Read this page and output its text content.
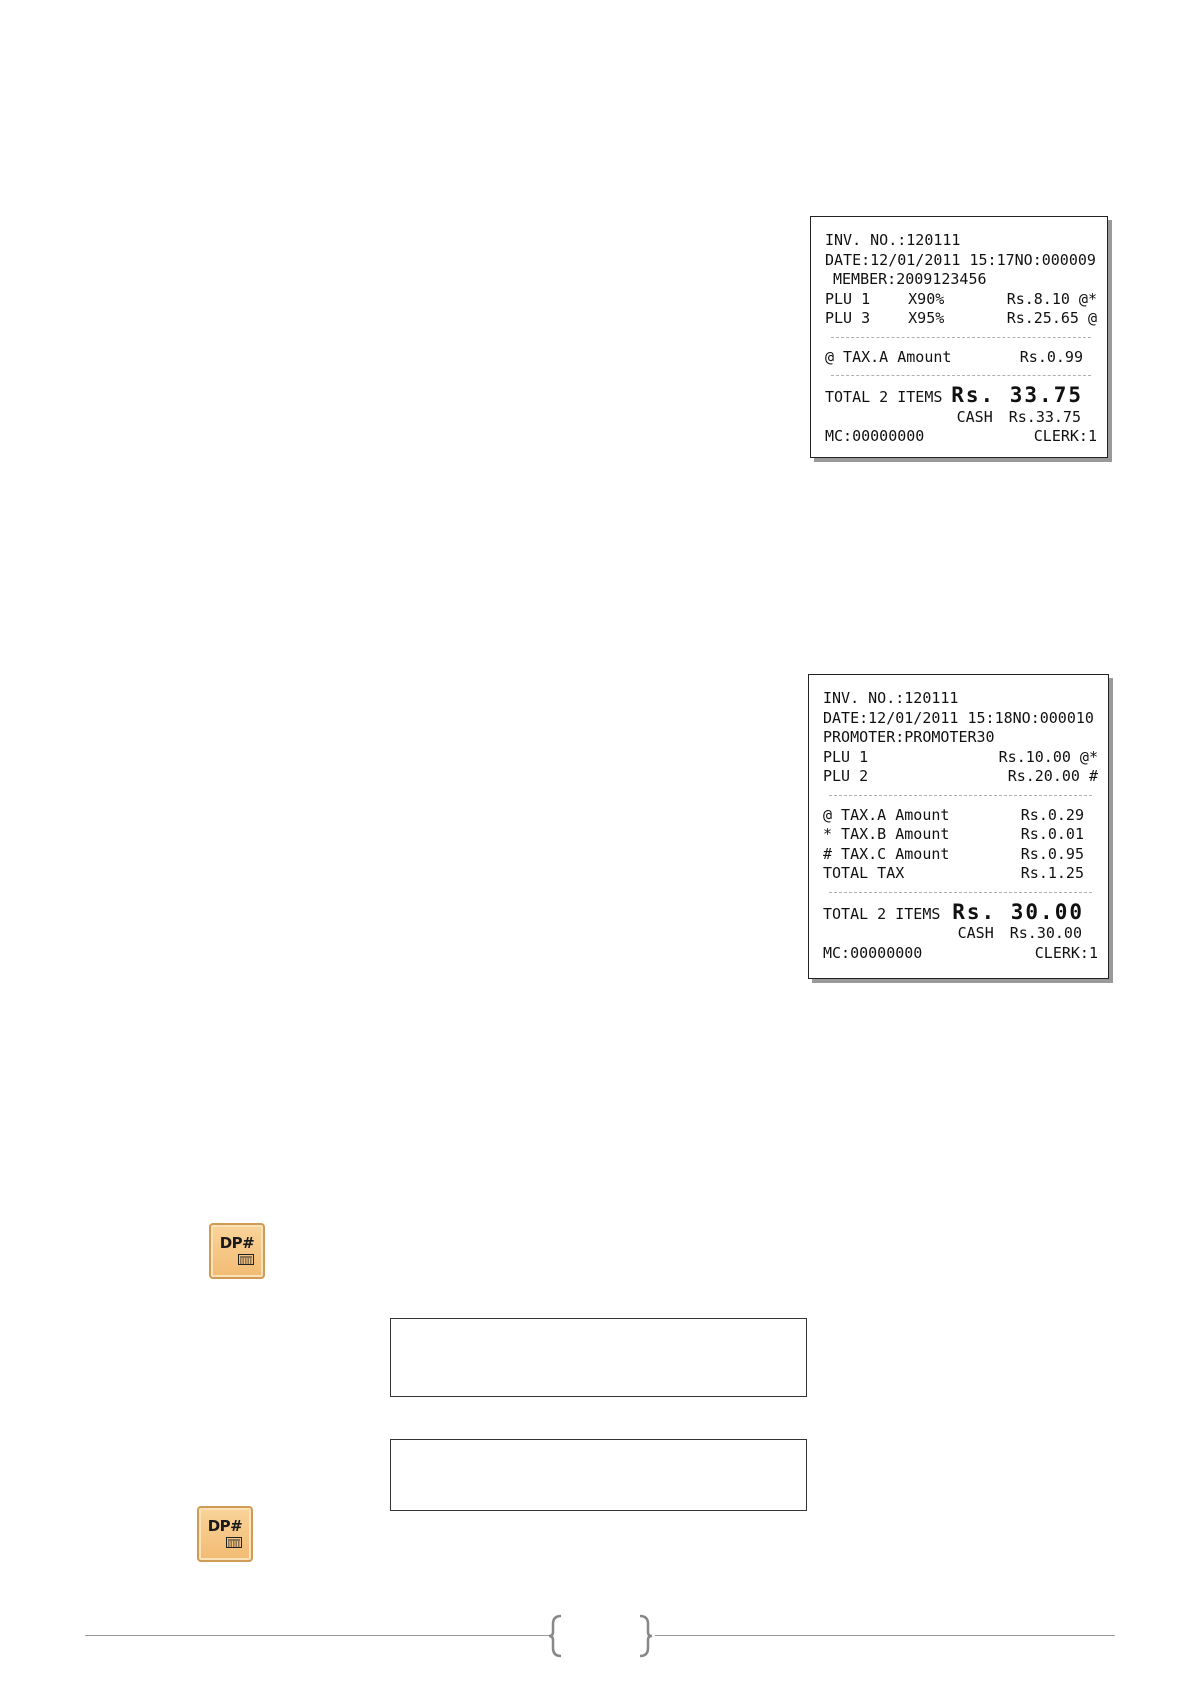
INV. NO.:120111
DATE:12/01/2011 15:17NO:000009
MEMBER:2009123456
PLU 1	X90%	Rs.8.10 @*
PLU 3	X95%	Rs.25.65 @
@ TAX.A Amount	Rs.0.99
TOTAL 2 ITEMS Rs. 33.75
CASH Rs.33.75
MC:00000000	CLERK:1
INV. NO.:120111
DATE:12/01/2011 15:18NO:000010
PROMOTER:PROMOTER30
PLU 1	Rs.10.00 @*
PLU 2	Rs.20.00 #
@ TAX.A Amount	Rs.0.29
* TAX.B Amount	Rs.0.01
# TAX.C Amount	Rs.0.95
TOTAL TAX	Rs.1.25
TOTAL 2 ITEMS Rs. 30.00
CASH Rs.30.00
MC:00000000	CLERK:1
DP#
DP#
